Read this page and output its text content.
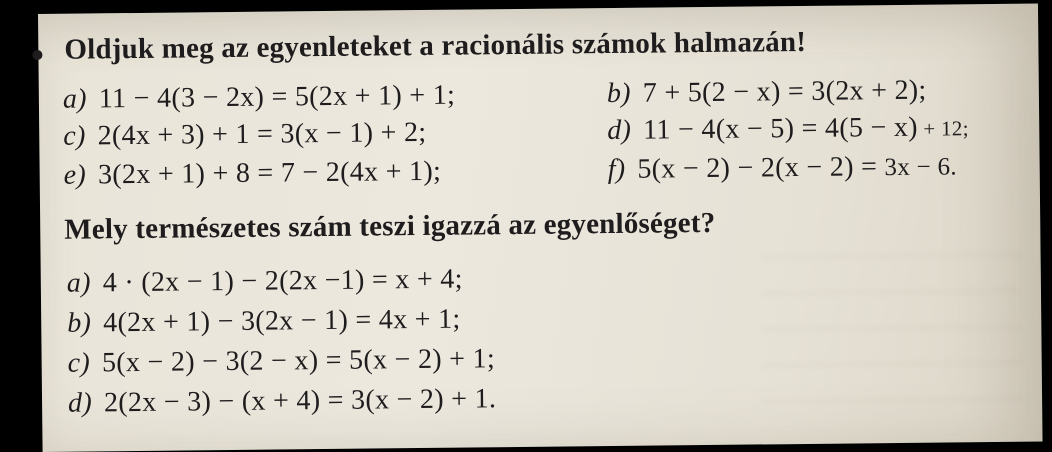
Oldjuk meg az egyenleteket a racionális számok halmazán!
a) 11 − 4(3 − 2x) = 5(2x + 1) + 1;
c) 2(4x + 3) + 1 = 3(x − 1) + 2;
e) 3(2x + 1) + 8 = 7 − 2(4x + 1);
b) 7 + 5(2 − x) = 3(2x + 2);
d) 11 − 4(x − 5) = 4(5 − x) + 12;
f) 5(x − 2) − 2(x − 2) = 3x − 6.
Mely természetes szám teszi igazzá az egyenlőséget?
a) 4 · (2x − 1) − 2(2x −1) = x + 4;
b) 4(2x + 1) − 3(2x − 1) = 4x + 1;
c) 5(x − 2) − 3(2 − x) = 5(x − 2) + 1;
d) 2(2x − 3) − (x + 4) = 3(x − 2) + 1.
